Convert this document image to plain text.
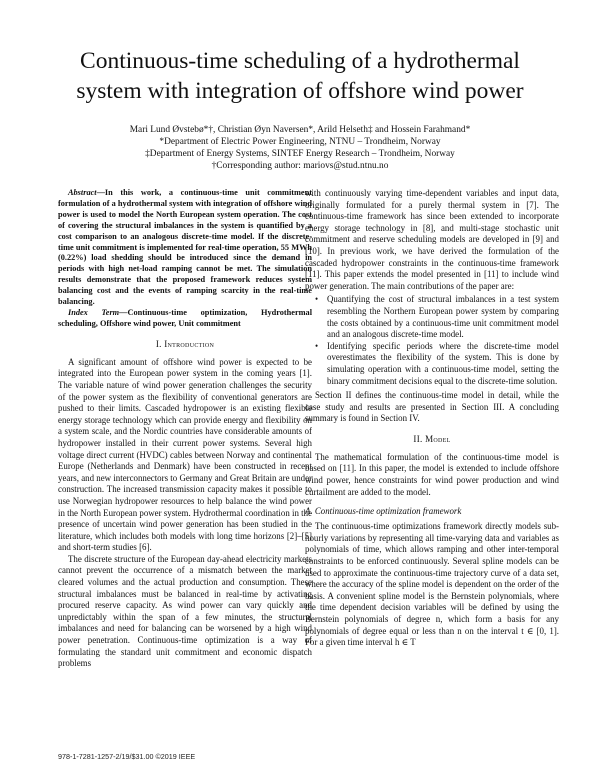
Continuous-time scheduling of a hydrothermal
system with integration of offshore wind power
Mari Lund Øvstebø*†, Christian Øyn Naversen*, Arild Helseth‡ and Hossein Farahmand*
*Department of Electric Power Engineering, NTNU – Trondheim, Norway
‡Department of Energy Systems, SINTEF Energy Research – Trondheim, Norway
†Corresponding author: mariovs@stud.ntnu.no

Abstract—In this work, a continuous-time unit commitment formulation of a hydrothermal system with integration of offshore wind power is used to model the North European system operation. The cost of covering the structural imbalances in the system is quantified by a cost comparison to an analogous discrete-time model. If the discrete-time unit commitment is implemented for real-time operation, 55 MWh (0.22%) load shedding should be introduced since the demand in periods with high net-load ramping cannot be met. The simulation results demonstrate that the proposed framework reduces system balancing cost and the events of ramping scarcity in the real-time balancing.

Index Term—Continuous-time optimization, Hydrothermal scheduling, Offshore wind power, Unit commitment

I. Introduction

A significant amount of offshore wind power is expected to be integrated into the European power system in the coming years [1]. The variable nature of wind power generation challenges the security of the power system as the flexibility of conventional generators are pushed to their limits. Cascaded hydropower is an existing flexible energy storage technology which can provide energy and flexibility on a system scale, and the Nordic countries have considerable amounts of hydropower installed in their current power systems. Several high voltage direct current (HVDC) cables between Norway and continental Europe (Netherlands and Denmark) have been constructed in recent years, and new interconnectors to Germany and Great Britain are under construction. The increased transmission capacity makes it possible to use Norwegian hydropower resources to help balance the wind power in the North European power system. Hydrothermal coordination in the presence of uncertain wind power generation has been studied in the literature, which includes both models with long time horizons [2]–[5] and short-term studies [6].

The discrete structure of the European day-ahead electricity markets cannot prevent the occurrence of a mismatch between the market cleared volumes and the actual production and consumption. These structural imbalances must be balanced in real-time by activating procured reserve capacity. As wind power can vary quickly and unpredictably within the span of a few minutes, the structural imbalances and need for balancing can be worsened by a high wind power penetration. Continuous-time optimization is a way of formulating the standard unit commitment and economic dispatch problems

with continuously varying time-dependent variables and input data, originally formulated for a purely thermal system in [7]. The continuous-time framework has since been extended to incorporate energy storage technology in [8], and multi-stage stochastic unit commitment and reserve scheduling models are developed in [9] and [10]. In previous work, we have derived the formulation of the cascaded hydropower constraints in the continuous-time framework [11]. This paper extends the model presented in [11] to include wind power generation. The main contributions of the paper are:

• Quantifying the cost of structural imbalances in a test system resembling the Northern European power system by comparing the costs obtained by a continuous-time unit commitment model and an analogous discrete-time model.
• Identifying specific periods where the discrete-time model overestimates the flexibility of the system. This is done by simulating operation with a continuous-time model, setting the binary commitment decisions equal to the discrete-time solution.

Section II defines the continuous-time model in detail, while the case study and results are presented in Section III. A concluding summary is found in Section IV.

II. Model

The mathematical formulation of the continuous-time model is based on [11]. In this paper, the model is extended to include offshore wind power, hence constraints for wind power production and wind curtailment are added to the model.

A. Continuous-time optimization framework

The continuous-time optimizations framework directly models sub-hourly variations by representing all time-varying data and variables as polynomials of time, which allows ramping and other inter-temporal constraints to be enforced continuously. Several spline models can be used to approximate the continuous-time trajectory curve of a data set, where the accuracy of the spline model is dependent on the order of the basis. A convenient spline model is the Bernstein polynomials, where the time dependent decision variables will be defined by using the Bernstein polynomials of degree n, which form a basis for any polynomials of degree equal or less than n on the interval t ∈ [0, 1]. For a given time interval h ∈ T

978-1-7281-1257-2/19/$31.00 ©2019 IEEE
